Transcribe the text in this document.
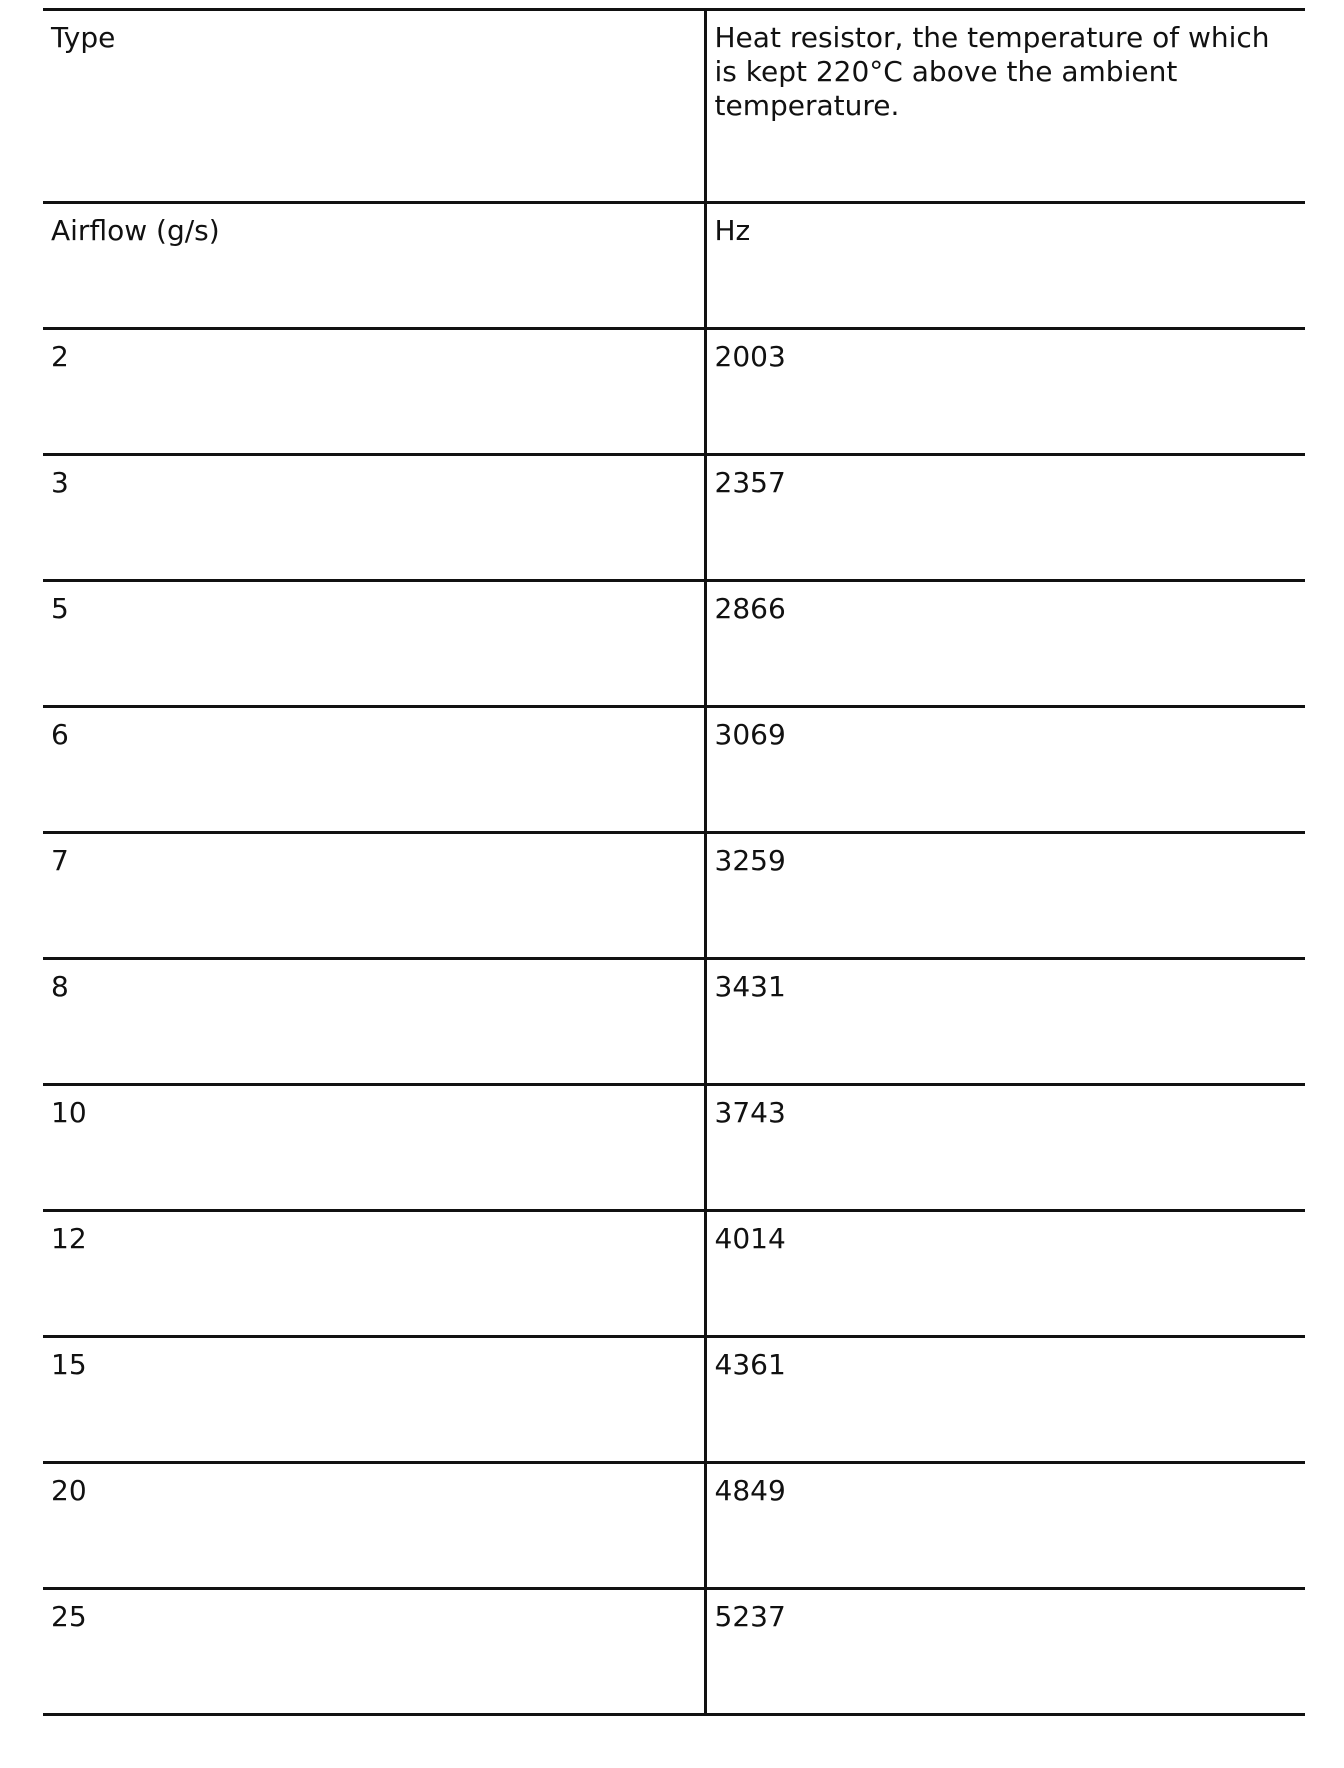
Type	Heat resistor, the temperature of which is kept 220°C above the ambient temperature.
Airflow (g/s)	Hz
2	2003
3	2357
5	2866
6	3069
7	3259
8	3431
10	3743
12	4014
15	4361
20	4849
25	5237
